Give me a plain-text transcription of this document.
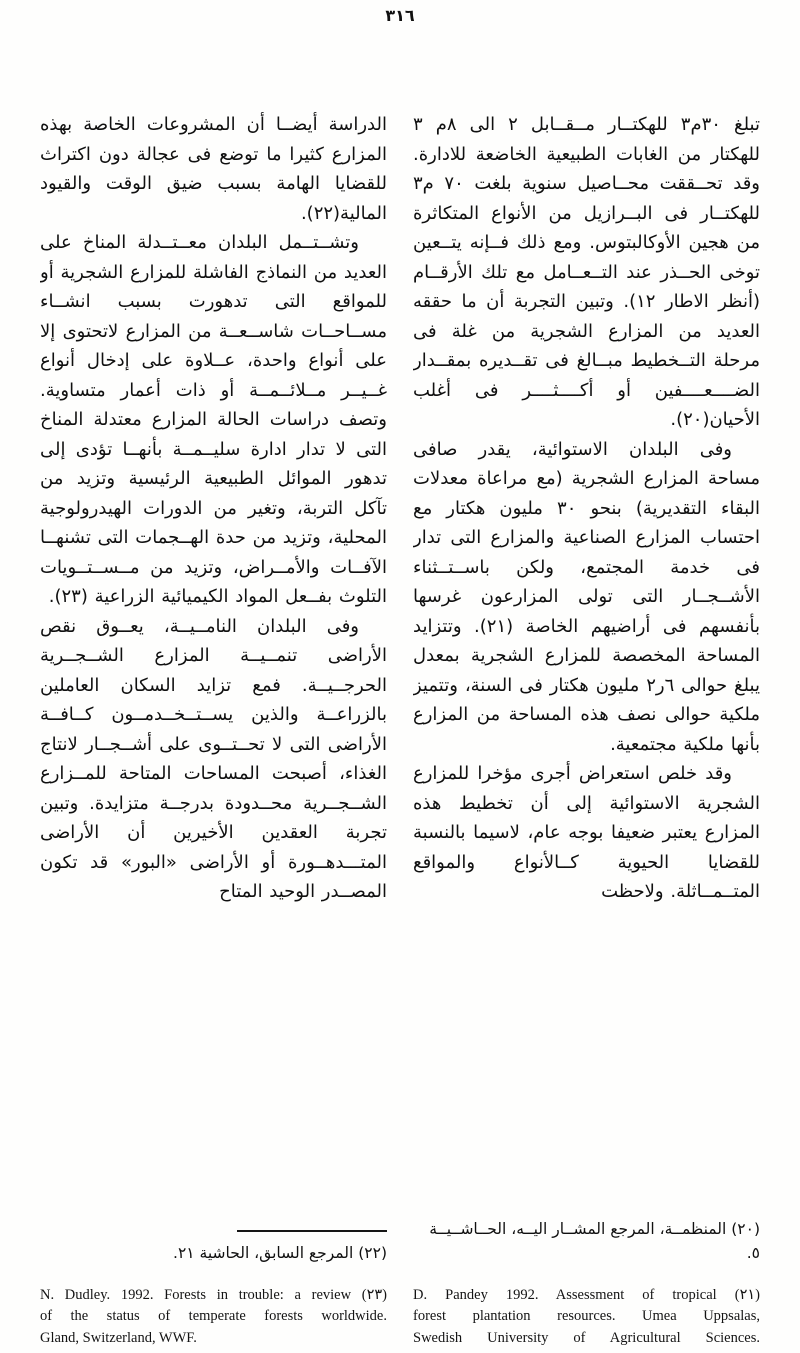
٣١٦

تبلغ ٣٠م٣ للهكتــار مــقــابل ٢ الى ٨م ٣ للهكتار من الغابات الطبيعية الخاضعة للادارة. وقد تحــققت محــاصيل سنوية بلغت ٧٠ م٣ للهكتــار فى البــرازيل من الأنواع المتكاثرة من هجين الأوكالبتوس. ومع ذلك فــإنه يتــعين توخى الحــذر عند التــعــامل مع تلك الأرقــام (أنظر الاطار ١٢). وتبين التجربة أن ما حققه العديد من المزارع الشجرية من غلة فى مرحلة التــخطيط مبــالغ فى تقــديره بمقــدار الضــــعــــفين أو أكــــثــــر فى أغلب الأحيان(٢٠).

وفى البلدان الاستوائية، يقدر صافى مساحة المزارع الشجرية (مع مراعاة معدلات البقاء التقديرية) بنحو ٣٠ مليون هكتار مع احتساب المزارع الصناعية والمزارع التى تدار فى خدمة المجتمع، ولكن باســتــثناء الأشــجــار التى تولى المزارعون غرسها بأنفسهم فى أراضيهم الخاصة (٢١). وتتزايد المساحة المخصصة للمزارع الشجرية بمعدل يبلغ حوالى ٦ر٢ مليون هكتار فى السنة، وتتميز ملكية حوالى نصف هذه المساحة من المزارع بأنها ملكية مجتمعية.

وقد خلص استعراض أجرى مؤخرا للمزارع الشجرية الاستوائية إلى أن تخطيط هذه المزارع يعتبر ضعيفا بوجه عام، لاسيما بالنسبة للقضايا الحيوية كــالأنواع والمواقع المتــمــاثلة. ولاحظت

(٢٠) المنظمــة، المرجع المشــار اليــه، الحــاشــيــة ٥.
D. Pandey 1992. Assessment of tropical (٢١)
forest plantation resources. Umea Uppsalas,
Swedish University of Agricultural Sciences.

الدراسة أيضــا أن المشروعات الخاصة بهذه المزارع كثيرا ما توضع فى عجالة دون اكتراث للقضايا الهامة بسبب ضيق الوقت والقيود المالية(٢٢).

وتشــتــمل البلدان معــتــدلة المناخ على العديد من النماذج الفاشلة للمزارع الشجرية أو للمواقع التى تدهورت بسبب انشــاء مســاحــات شاســعــة من المزارع لاتحتوى إلا على أنواع واحدة، عــلاوة على إدخال أنواع غــيــر مــلائــمــة أو ذات أعمار متساوية. وتصف دراسات الحالة المزارع معتدلة المناخ التى لا تدار ادارة سليــمــة بأنهــا تؤدى إلى تدهور الموائل الطبيعية الرئيسية وتزيد من تآكل التربة، وتغير من الدورات الهيدرولوجية المحلية، وتزيد من حدة الهــجمات التى تشنهــا الآفــات والأمــراض، وتزيد من مــســتــويات التلوث بفــعل المواد الكيميائية الزراعية (٢٣).

وفى البلدان النامــيــة، يعــوق نقص الأراضى تنمــيــة المزارع الشــجــرية الحرجــيــة. فمع تزايد السكان العاملين بالزراعــة والذين يســتــخــدمــون كــافــة الأراضى التى لا تحــتــوى على أشــجــار لانتاج الغذاء، أصبحت المساحات المتاحة للمــزارع الشــجــرية محــدودة بدرجــة متزايدة. وتبين تجربة العقدين الأخيرين أن الأراضى المتـــدهــورة أو الأراضى «البور» قد تكون المصــدر الوحيد المتاح

(٢٢) المرجع السابق، الحاشية ٢١.
N. Dudley. 1992. Forests in trouble: a review (٢٣)
of the status of temperate forests worldwide.
Gland, Switzerland, WWF.
